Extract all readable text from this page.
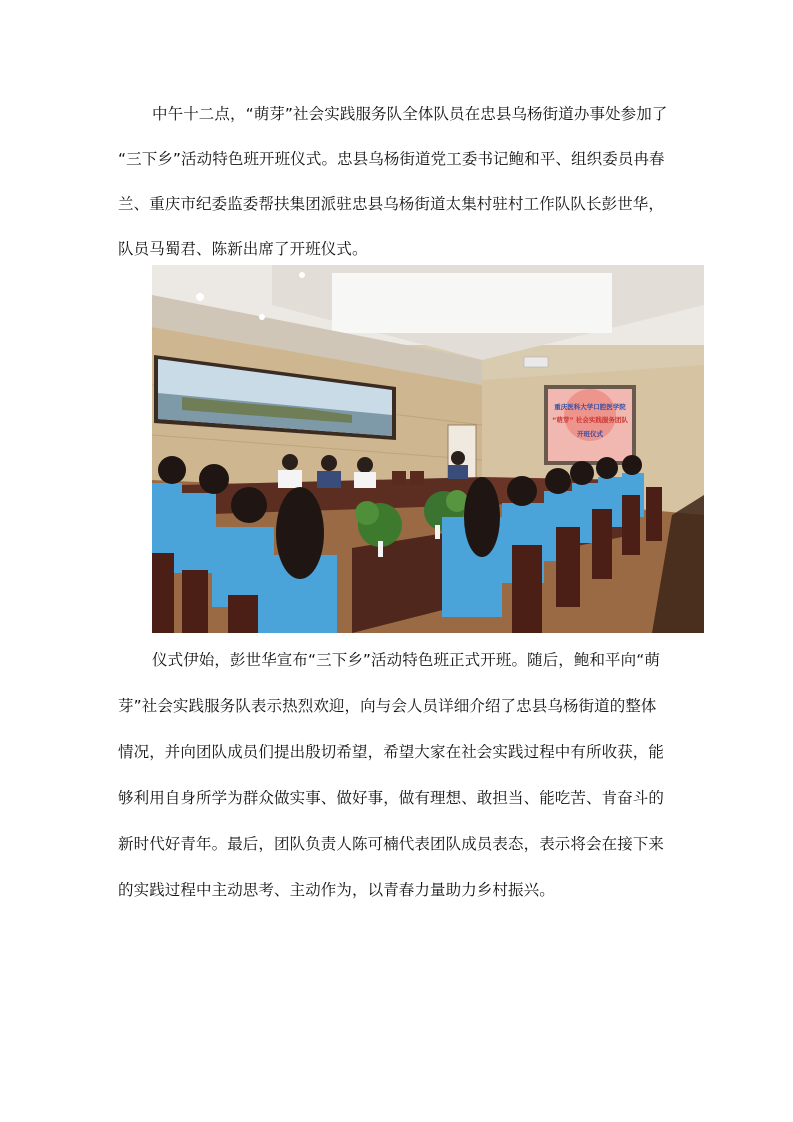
中午十二点，“萌芽”社会实践服务队全体队员在忠县乌杨街道办事处参加了
“三下乡”活动特色班开班仪式。忠县乌杨街道党工委书记鲍和平、组织委员冉春
兰、重庆市纪委监委帮扶集团派驻忠县乌杨街道太集村驻村工作队队长彭世华，
队员马蜀君、陈新出席了开班仪式。
重庆医科大学口腔医学院
“萌芽” 社会实践服务团队
开班仪式
仪式伊始，彭世华宣布“三下乡”活动特色班正式开班。随后，鲍和平向“萌
芽”社会实践服务队表示热烈欢迎，向与会人员详细介绍了忠县乌杨街道的整体
情况，并向团队成员们提出殷切希望，希望大家在社会实践过程中有所收获，能
够利用自身所学为群众做实事、做好事，做有理想、敢担当、能吃苦、肯奋斗的
新时代好青年。最后，团队负责人陈可楠代表团队成员表态，表示将会在接下来
的实践过程中主动思考、主动作为，以青春力量助力乡村振兴。
